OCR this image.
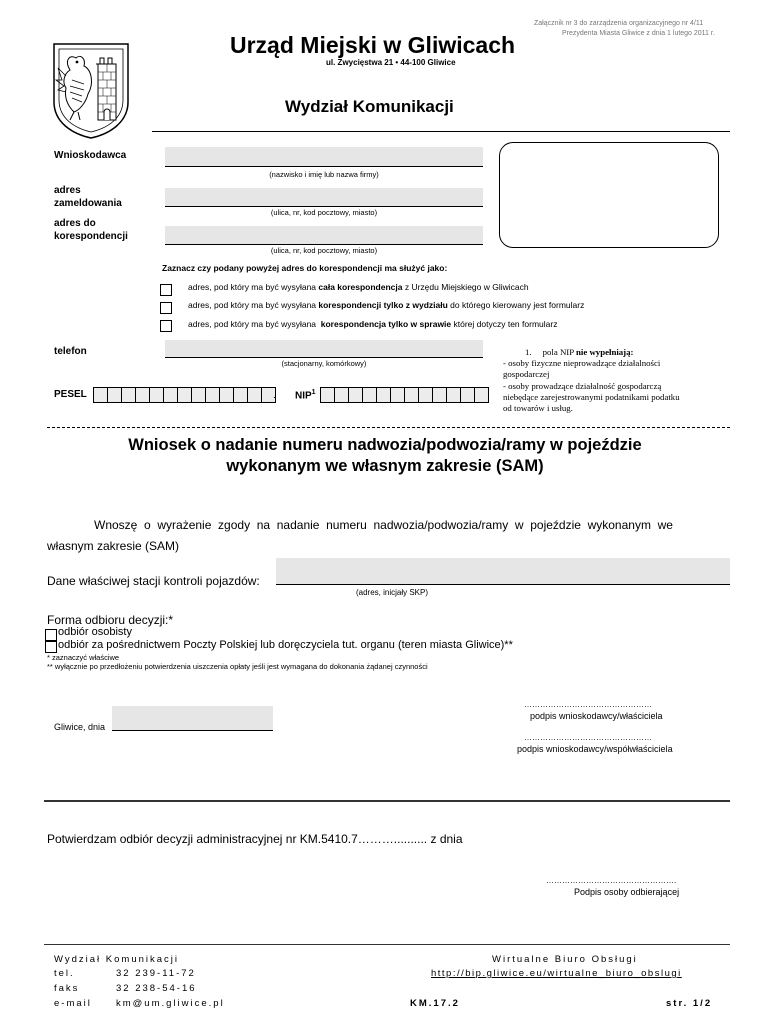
Załącznik nr 3 do zarządzenia organizacyjnego nr 4/11
Prezydenta Miasta Gliwice z dnia 1 lutego 2011 r.
Urząd Miejski w Gliwicach
ul. Zwycięstwa 21 • 44-100 Gliwice
Wydział Komunikacji
Wnioskodawca
(nazwisko i imię lub nazwa firmy)
adres
zameldowania
(ulica, nr, kod pocztowy, miasto)
adres do
korespondencji
(ulica, nr, kod pocztowy, miasto)
Zaznacz czy podany powyżej adres do korespondencji ma służyć jako:
adres, pod który ma być wysyłana cała korespondencja z Urzędu Miejskiego w Gliwicach
adres, pod który ma być wysyłana korespondencji tylko z wydziału do którego kierowany jest formularz
adres, pod który ma być wysyłana  korespondencja tylko w sprawie której dotyczy ten formularz
telefon
(stacjonarny, komórkowy)
PESEL	. NIP$^1$
1. pola NIP nie wypełniają:
- osoby fizyczne nieprowadzące działalności
gospodarczej
- osoby prowadzące działalność gospodarczą
niebędące zarejestrowanymi podatnikami podatku
od towarów i usług.
Wniosek o nadanie numeru nadwozia/podwozia/ramy w pojeździe
wykonanym we własnym zakresie (SAM)
Wnoszę  o  wyrażenie  zgody  na  nadanie  numeru  nadwozia/podwozia/ramy  w  pojeździe  wykonanym  we
własnym zakresie (SAM)
Dane właściwej stacji kontroli pojazdów:
(adres, inicjały SKP)
Forma odbioru decyzji:*
odbiór osobisty
odbiór za pośrednictwem Poczty Polskiej lub doręczyciela tut. organu (teren miasta Gliwice)**
* zaznaczyć właściwe
** wyłącznie po przedłożeniu potwierdzenia uiszczenia opłaty jeśli jest wymagana do dokonania żądanej czynności
…………………………………………
podpis wnioskodawcy/właściciela
Gliwice, dnia
…………………………………………
podpis wnioskodawcy/współwłaściciela
Potwierdzam odbiór decyzji administracyjnej nr KM.5410.7……….......... z dnia
………………………………………….
Podpis osoby odbierającej
Wydział Komunikacji
tel.	32 239-11-72
faks	32 238-54-16
e-mail	km@um.gliwice.pl
Wirtualne Biuro Obsługi
http://bip.gliwice.eu/wirtualne_biuro_obslugi
KM.17.2	str. 1/2
